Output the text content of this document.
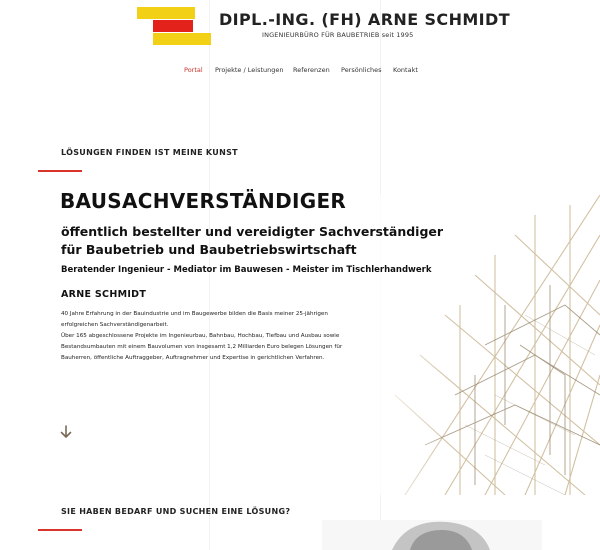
DIPL.-ING. (FH) ARNE SCHMIDT
INGENIEURBÜRO FÜR BAUBETRIEB seit 1995
Portal Projekte / Leistungen Referenzen Persönliches Kontakt
LÖSUNGEN FINDEN IST MEINE KUNST
BAUSACHVERSTÄNDIGER
öffentlich bestellter und vereidigter Sachverständiger
für Baubetrieb und Baubetriebswirtschaft
Beratender Ingenieur - Mediator im Bauwesen - Meister im Tischlerhandwerk
ARNE SCHMIDT

40 Jahre Erfahrung in der Bauindustrie und im Baugewerbe bilden die Basis meiner 25-jährigen

erfolgreichen Sachverständigenarbeit.

Über 165 abgeschlossene Projekte im Ingenieurbau, Bahnbau, Hochbau, Tiefbau und Ausbau sowie

Bestandsumbauten mit einem Bauvolumen von insgesamt 1,2 Milliarden Euro belegen Lösungen für

Bauherren, öffentliche Auftraggeber, Auftragnehmer und Expertise in gerichtlichen Verfahren.

SIE HABEN BEDARF UND SUCHEN EINE LÖSUNG?
